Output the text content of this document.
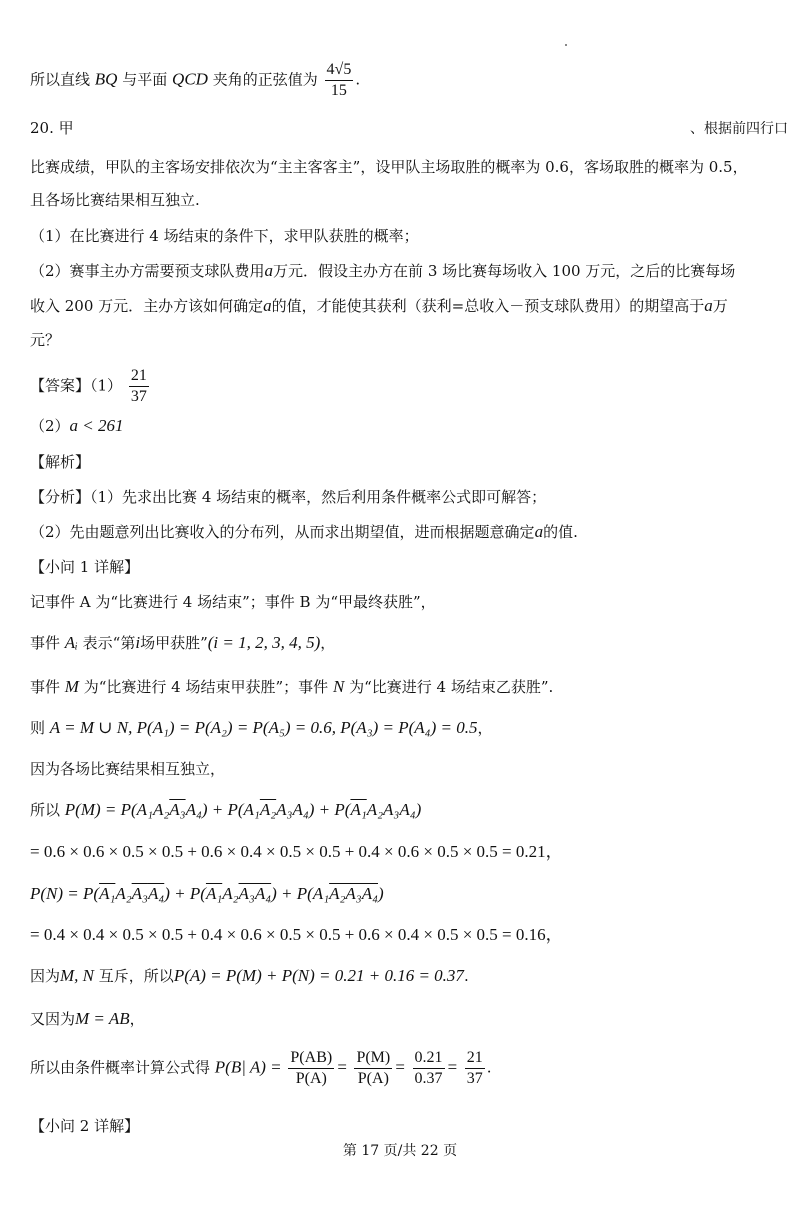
所以直线 BQ 与平面 QCD 夹角的正弦值为 $\frac{4√5}{15}$ .
20. 甲	、根据前四行口
比赛成绩，甲队的主客场安排依次为“主主客客主”，设甲队主场取胜的概率为 0.6，客场取胜的概率为 0.5，
且各场比赛结果相互独立.
（1）在比赛进行 4 场结束的条件下，求甲队获胜的概率；
（2）赛事主办方需要预支球队费用a万元．假设主办方在前 3 场比赛每场收入 100 万元，之后的比赛每场
收入 200 万元．主办方该如何确定a的值，才能使其获利（获利=总收入－预支球队费用）的期望高于a万
元？
【答案】$(1) \frac{21}{37}$
（2）a < 261
【解析】
【分析】（1）先求出比赛 4 场结束的概率，然后利用条件概率公式即可解答；
（2）先由题意列出比赛收入的分布列，从而求出期望值，进而根据题意确定a的值.
【小问 1 详解】
记事件 A 为“比赛进行 4 场结束”；事件 B 为“甲最终获胜”，
事件 Aᵢ 表示“第i场甲获胜”(i = 1, 2, 3, 4, 5)，
事件 M 为“比赛进行 4 场结束甲获胜”；事件 N 为“比赛进行 4 场结束乙获胜”.
则 A = M ∪ N, P(A₁) = P(A₂) = P(A₅) = 0.6, P(A₃) = P(A₄) = 0.5，
因为各场比赛结果相互独立，
所以 P(M) = P(A₁A₂A₃A₄) + P(A₁A₂A₃A₄) + P(A₁A₂A₃A₄)
= 0.6 × 0.6 × 0.5 × 0.5 + 0.6 × 0.4 × 0.5 × 0.5 + 0.4 × 0.6 × 0.5 × 0.5 = 0.21，
P(N) = P(A₁A₂A₃A₄) + P(A₁A₂A₃A₄) + P(A₁A₂A₃A₄)
= 0.4 × 0.4 × 0.5 × 0.5 + 0.4 × 0.6 × 0.5 × 0.5 + 0.6 × 0.4 × 0.5 × 0.5 = 0.16，
因为M, N 互斥，所以P(A) = P(M) + P(N) = 0.21 + 0.16 = 0.37.
又因为M = AB，
所以由条件概率计算公式得 P(B| $A) = \frac{P(AB)}{P(A)} = \frac{P(M)}{P(A)} = \frac{0.21}{0.37} = \frac{21}{37}$ .
【小问 2 详解】
第 17 页/共 22 页
